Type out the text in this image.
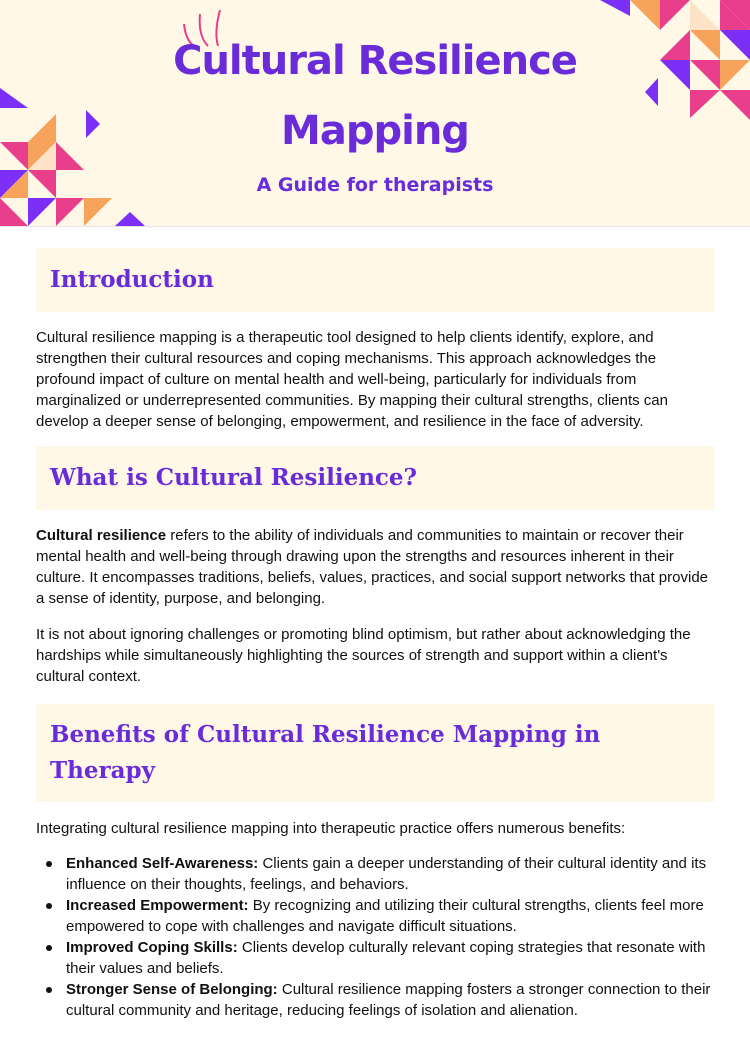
Cultural Resilience
Mapping

A Guide for therapists

Introduction

Cultural resilience mapping is a therapeutic tool designed to help clients identify, explore, and strengthen their cultural resources and coping mechanisms. This approach acknowledges the profound impact of culture on mental health and well-being, particularly for individuals from marginalized or underrepresented communities. By mapping their cultural strengths, clients can develop a deeper sense of belonging, empowerment, and resilience in the face of adversity.

What is Cultural Resilience?

Cultural resilience refers to the ability of individuals and communities to maintain or recover their mental health and well-being through drawing upon the strengths and resources inherent in their culture. It encompasses traditions, beliefs, values, practices, and social support networks that provide a sense of identity, purpose, and belonging.

It is not about ignoring challenges or promoting blind optimism, but rather about acknowledging the hardships while simultaneously highlighting the sources of strength and support within a client's cultural context.

Benefits of Cultural Resilience Mapping in
Therapy

Integrating cultural resilience mapping into therapeutic practice offers numerous benefits:

Enhanced Self-Awareness: Clients gain a deeper understanding of their cultural identity and its influence on their thoughts, feelings, and behaviors.
Increased Empowerment: By recognizing and utilizing their cultural strengths, clients feel more empowered to cope with challenges and navigate difficult situations.
Improved Coping Skills: Clients develop culturally relevant coping strategies that resonate with their values and beliefs.
Stronger Sense of Belonging: Cultural resilience mapping fosters a stronger connection to their cultural community and heritage, reducing feelings of isolation and alienation.
